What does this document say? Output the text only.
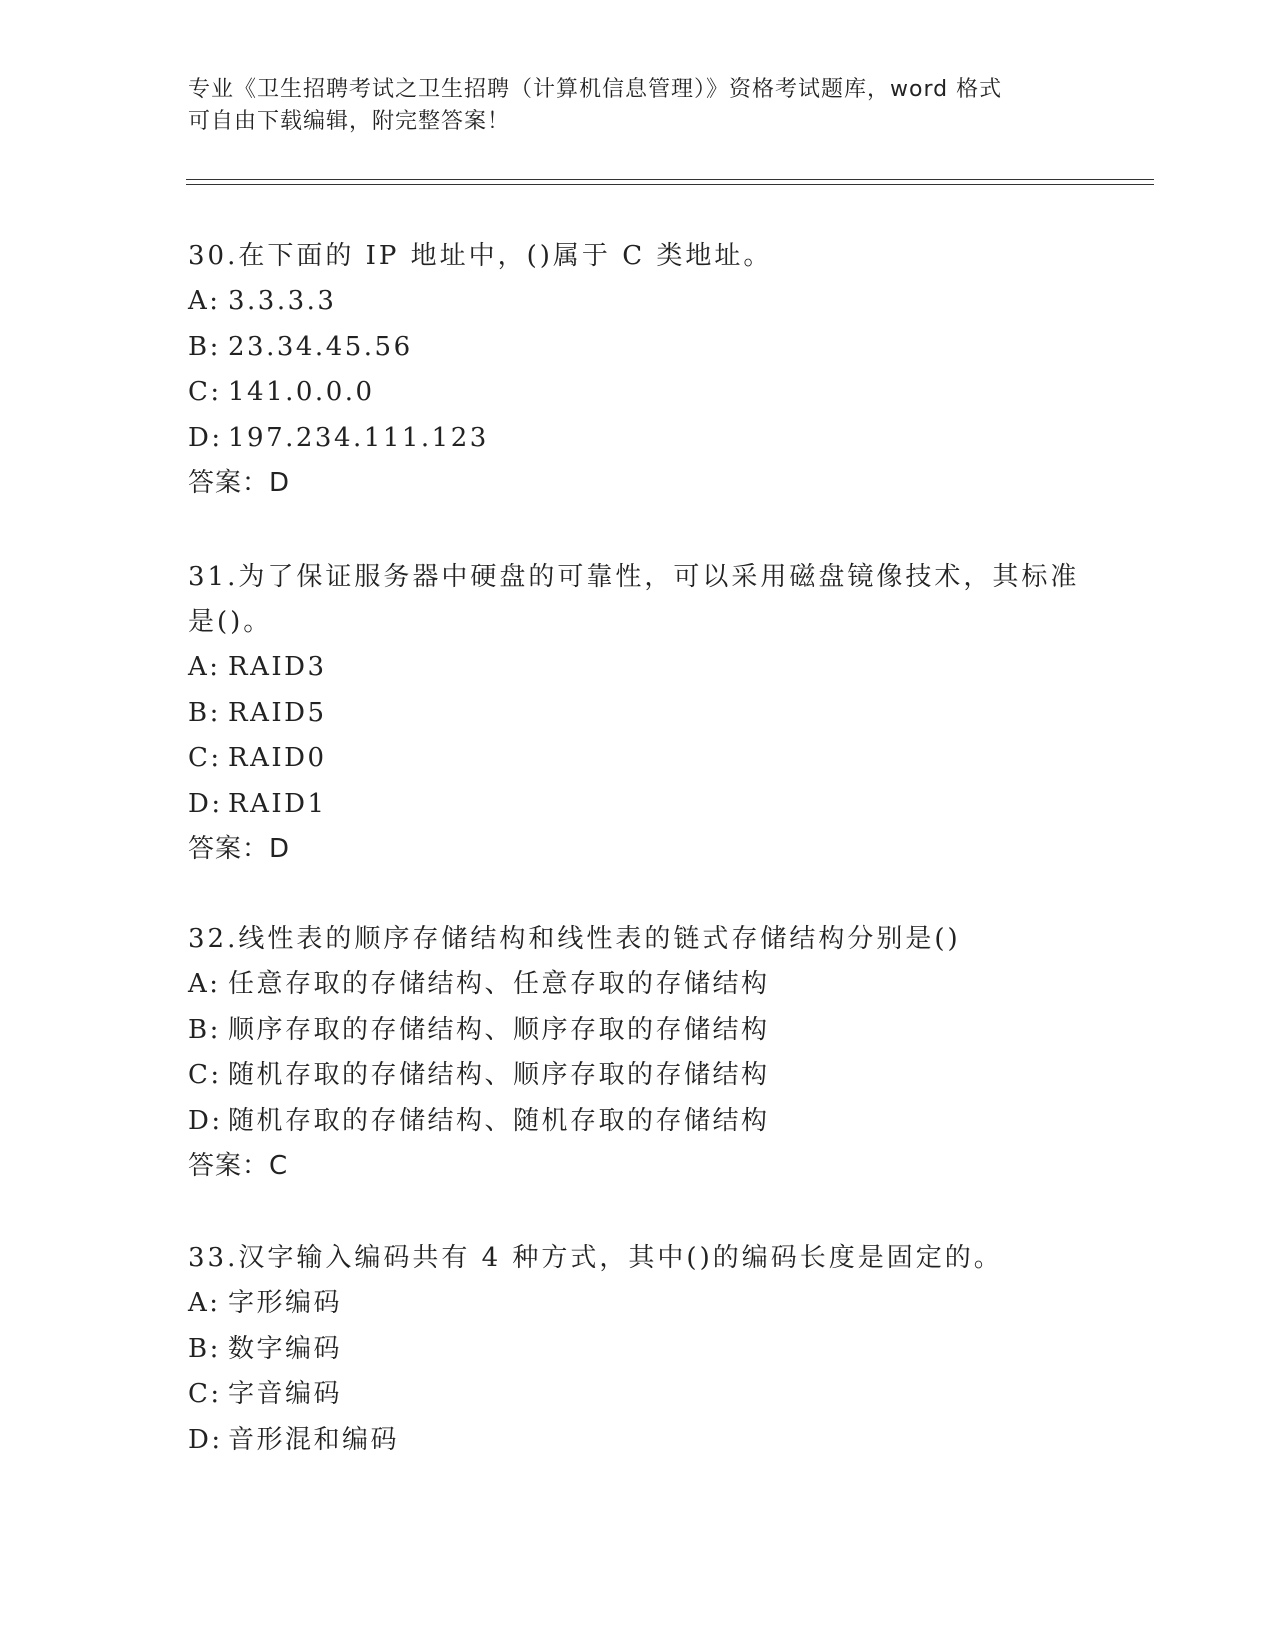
专业《卫生招聘考试之卫生招聘（计算机信息管理）》资格考试题库，word 格式
可自由下载编辑，附完整答案！

30.在下面的 IP 地址中，()属于 C 类地址。

A: 3.3.3.3

B: 23.34.45.56

C: 141.0.0.0

D: 197.234.111.123

答案：D

31.为了保证服务器中硬盘的可靠性，可以采用磁盘镜像技术，其标准是()。

A: RAID3

B: RAID5

C: RAID0

D: RAID1

答案：D

32.线性表的顺序存储结构和线性表的链式存储结构分别是()

A: 任意存取的存储结构、任意存取的存储结构

B: 顺序存取的存储结构、顺序存取的存储结构

C: 随机存取的存储结构、顺序存取的存储结构

D: 随机存取的存储结构、随机存取的存储结构

答案：C

33.汉字输入编码共有 4 种方式，其中()的编码长度是固定的。

A: 字形编码

B: 数字编码

C: 字音编码

D: 音形混和编码
